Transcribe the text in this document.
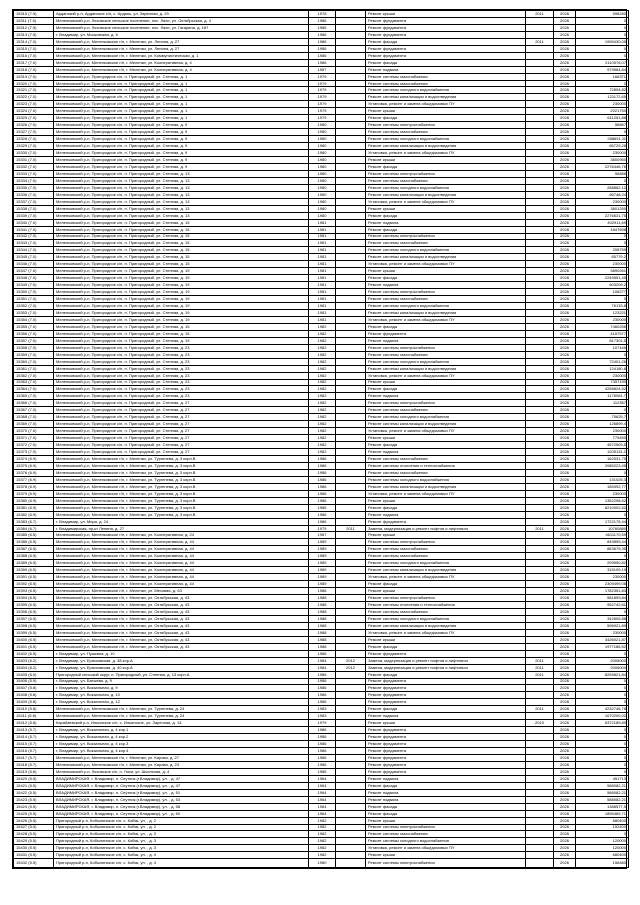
15310 (7.5)	Арданский р-н, Арданское с/п, с. Ардань, ул. Заречная, д. 29	1976		Ремонт крыши	2011	2026	598280
15311 (7.5)	Меленковский р-н, Ляховское сельское поселение, пос. Ляхи, ул. Октябрьская, д. 4	1986		Ремонт фундамента		2026	0
15312 (7.5)	Меленковский р-н, Ляховское сельское поселение, пос. Ляхи, ул. Гагарина, д. 187	1986		Ремонт фундамента		2026	0
15313 (7.5)	г. Владимир, ул. Московская, д. 6	1986		Ремонт фундамента		2026	0
15314 (7.0)	Меленковский р-н, Меленковское г/п, г. Меленки, ул. Ленина, д. 27	1986		Ремонт фасада	2011	2026	1995430,05
15315 (7.0)	Меленковский р-н, Меленковское г/п, г. Меленки, ул. Ленина, д. 27	1986		Ремонт фундамента		2026	0
15316 (7.0)	Меленковский р-н, Меленковское г/п, г. Меленки, ул. Коммунистическая, д. 1	1986		Ремонт фундамента		2026	0
15317 (7.0)	Меленковский р-н, Меленковское г/п, г. Меленки, ул. Кооперативная, д. 4	1986		Ремонт фасада		2026	2110576,07
15318 (7.0)	Меленковский р-н, Меленковское г/п, г. Меленки, ул. Кооперативная, д. 4	1987		Ремонт подвала		2026	979584,84
15319 (7.0)	Меленковский р-н, Пригородное с/п, п. Пригородный, ул. Степная, д. 1	1979		Ремонт системы газоснабжения		2026	166371
15320 (7.0)	Меленковский р-н, Пригородное с/п, п. Пригородный, ул. Степная, д. 1	1979		Ремонт системы газоснабжения		2026	0
15321 (7.0)	Меленковский р-н, Пригородное с/п, п. Пригородный, ул. Степная, д. 1	1979		Ремонт системы холодного водоснабжения		2026	72804,82
15322 (7.0)	Меленковский р-н, Пригородное с/п, п. Пригородный, ул. Степная, д. 1	1979		Ремонт системы канализации и водоотведения		2026	121172,65
15323 (7.0)	Меленковский р-н, Пригородное с/п, п. Пригородный, ул. Степная, д. 1	1979		Установка, ремонт и замена общедомовых ПУ		2026	230000
15324 (7.0)	Меленковский р-н, Пригородное с/п, п. Пригородный, ул. Степная, д. 1	1979		Ремонт крыши		2026	2021750
15325 (7.0)	Меленковский р-н, Пригородное с/п, п. Пригородный, ул. Степная, д. 1	1979		Ремонт фасада		2026	611251,88
15326 (7.0)	Меленковский р-н, Пригородное с/п, п. Пригородный, ул. Степная, д. 9	1980		Ремонт системы электроснабжения		2026	56867
15327 (7.0)	Меленковский р-н, Пригородное с/п, п. Пригородный, ул. Степная, д. 9	1980		Ремонт системы газоснабжения		2026	0
15328 (7.0)	Меленковский р-н, Пригородное с/п, п. Пригородный, ул. Степная, д. 9	1980		Ремонт системы холодного водоснабжения		2026	288691,11
15329 (7.0)	Меленковский р-н, Пригородное с/п, п. Пригородный, ул. Степная, д. 9	1980		Ремонт системы канализации и водоотведения		2026	65729,28
15330 (7.0)	Меленковский р-н, Пригородное с/п, п. Пригородный, ул. Степная, д. 9	1980		Установка, ремонт и замена общедомовых ПУ		2026	230000
15331 (7.0)	Меленковский р-н, Пригородное с/п, п. Пригородный, ул. Степная, д. 9	1980		Ремонт крыши		2026	3800950
15332 (7.0)	Меленковский р-н, Пригородное с/п, п. Пригородный, ул. Степная, д. 9	1980		Ремонт фасада		2026	2276446,76
15333 (7.0)	Меленковский р-н, Пригородное с/п, п. Пригородный, ул. Степная, д. 13	1980		Ремонт системы электроснабжения		2026	56886
15334 (7.0)	Меленковский р-н, Пригородное с/п, п. Пригородный, ул. Степная, д. 13	1980		Ремонт системы газоснабжения		2026	0
15335 (7.0)	Меленковский р-н, Пригородное с/п, п. Пригородный, ул. Степная, д. 13	1980		Ремонт системы холодного водоснабжения		2026	288862,12
15336 (7.0)	Меленковский р-н, Пригородное с/п, п. Пригородный, ул. Степная, д. 13	1980		Ремонт системы канализации и водоотведения		2026	65748,24
15337 (7.0)	Меленковский р-н, Пригородное с/п, п. Пригородный, ул. Степная, д. 13	1980		Установка, ремонт и замена общедомовых ПУ		2026	230000
15338 (7.0)	Меленковский р-н, Пригородное с/п, п. Пригородный, ул. Степная, д. 13	1980		Ремонт крыши		2026	3801250
15339 (7.0)	Меленковский р-н, Пригородное с/п, п. Пригородный, ул. Степная, д. 13	1980		Ремонт фасада		2026	2276631,75
15340 (7.0)	Меленковский р-н, Пригородное с/п, п. Пригородный, ул. Степная, д. 15	1981		Ремонт подвала		2026	402911,69
15341 (7.0)	Меленковский р-н, Пригородное с/п, п. Пригородный, ул. Степная, д. 15	1981		Ремонт фасада		2026	1847698
15342 (7.0)	Меленковский р-н, Пригородное с/п, п. Пригородный, ул. Степная, д. 15	1981		Ремонт системы электроснабжения		2026	0
15343 (7.0)	Меленковский р-н, Пригородное с/п, п. Пригородный, ул. Степная, д. 15	1981		Ремонт системы газоснабжения		2026	0
15344 (7.0)	Меленковский р-н, Пригородное с/п, п. Пригородный, ул. Степная, д. 15	1981		Ремонт системы холодного водоснабжения		2026	208759
15345 (7.0)	Меленковский р-н, Пригородное с/п, п. Пригородный, ул. Степная, д. 15	1981		Ремонт системы канализации и водоотведения		2026	65779,2
15346 (7.0)	Меленковский р-н, Пригородное с/п, п. Пригородный, ул. Степная, д. 15	1981		Установка, ремонт и замена общедомовых ПУ		2026	230000
15347 (7.0)	Меленковский р-н, Пригородное с/п, п. Пригородный, ул. Степная, д. 19	1981		Ремонт крыши		2026	3890261
15348 (7.0)	Меленковский р-н, Пригородное с/п, п. Пригородный, ул. Степная, д. 19	1981		Ремонт фасада		2026	2249551,45
15349 (7.0)	Меленковский р-н, Пригородное с/п, п. Пригородный, ул. Степная, д. 19	1981		Ремонт подвала		2026	603209,2
15350 (7.0)	Меленковский р-н, Пригородное с/п, п. Пригородный, ул. Степная, д. 19	1981		Ремонт системы электроснабжения		2026	108277
15351 (7.0)	Меленковский р-н, Пригородное с/п, п. Пригородный, ул. Степная, д. 19	1981		Ремонт системы газоснабжения		2026	0
15352 (7.0)	Меленковский р-н, Пригородное с/п, п. Пригородный, ул. Степная, д. 19	1981		Ремонт системы холодного водоснабжения		2026	76133,8
15353 (7.0)	Меленковский р-н, Пригородное с/п, п. Пригородный, ул. Степная, д. 19	1981		Ремонт системы канализации и водоотведения		2026	123221
15354 (7.0)	Меленковский р-н, Пригородное с/п, п. Пригородный, ул. Степная, д. 19	1981		Установка, ремонт и замена общедомовых ПУ		2026	230000
15355 (7.0)	Меленковский р-н, Пригородное с/п, п. Пригородный, ул. Степная, д. 15	1982		Ремонт фасада		2026	7460256
15356 (7.0)	Меленковский р-н, Пригородное с/п, п. Пригородный, ул. Степная, д. 15	1982		Ремонт фундамента		2026	4157577
15357 (7.0)	Меленковский р-н, Пригородное с/п, п. Пригородный, ул. Степная, д. 19	1982		Ремонт подвала		2026	817301,5
15358 (7.0)	Меленковский р-н, Пригородное с/п, п. Пригородный, ул. Степная, д. 23	1982		Ремонт системы электроснабжения		2026	107445
15359 (7.0)	Меленковский р-н, Пригородное с/п, п. Пригородный, ул. Степная, д. 23	1982		Ремонт системы газоснабжения		2026	0
15360 (7.0)	Меленковский р-н, Пригородное с/п, п. Пригородный, ул. Степная, д. 23	1982		Ремонт системы холодного водоснабжения		2026	72401,26
15361 (7.0)	Меленковский р-н, Пригородное с/п, п. Пригородный, ул. Степная, д. 23	1982		Ремонт системы канализации и водоотведения		2026	124180,8
15362 (7.0)	Меленковский р-н, Пригородное с/п, п. Пригородный, ул. Степная, д. 23	1982		Установка, ремонт и замена общедомовых ПУ		2026	230000
15363 (7.0)	Меленковский р-н, Пригородное с/п, п. Пригородный, ул. Степная, д. 23	1982		Ремонт крыши		2026	7357190
15364 (7.0)	Меленковский р-н, Пригородное с/п, п. Пригородный, ул. Степная, д. 23	1982		Ремонт фасада		2026	4258824,52
15365 (7.0)	Меленковский р-н, Пригородное с/п, п. Пригородный, ул. Степная, д. 23	1982		Ремонт подвала		2026	1178081,7
15366 (7.0)	Меленковский р-н, Пригородное с/п, п. Пригородный, ул. Степная, д. 27	1982		Ремонт системы электроснабжения		2026	112357
15367 (7.0)	Меленковский р-н, Пригородное с/п, п. Пригородный, ул. Степная, д. 27	1982		Ремонт системы газоснабжения		2026	0
15368 (7.0)	Меленковский р-н, Пригородное с/п, п. Пригородный, ул. Степная, д. 27	1982		Ремонт системы холодного водоснабжения		2026	75625,7
15369 (7.0)	Меленковский р-н, Пригородное с/п, п. Пригородный, ул. Степная, д. 27	1982		Ремонт системы канализации и водоотведения		2026	126899,4
15370 (7.0)	Меленковский р-н, Пригородное с/п, п. Пригородный, ул. Степная, д. 27	1982		Установка, ремонт и замена общедомовых ПУ		2026	230000
15371 (7.0)	Меленковский р-н, Пригородное с/п, п. Пригородный, ул. Степная, д. 27	1982		Ремонт крыши		2026	775450
15372 (7.0)	Меленковский р-н, Пригородное с/п, п. Пригородный, ул. Степная, д. 27	1982		Ремонт фасада		2026	4572503,5
15373 (7.0)	Меленковский р-н, Пригородное с/п, п. Пригородный, ул. Степная, д. 27	1982		Ремонт подвала		2026	1205131,1
15374 (6.9)	Меленковский р-н, Меленковское г/п, г. Меленки, ул. Тургенева, д. 3 корп.В	1986		Ремонт системы газоснабжения		2026	162531,75
15375 (6.9)	Меленковский р-н, Меленковское г/п, г. Меленки, ул. Тургенева, д. 3 корп.В	1986		Ремонт системы отопления и теплоснабжения		2026	2085223,45
15376 (6.9)	Меленковский р-н, Меленковское г/п, г. Меленки, ул. Тургенева, д. 3 корп.В	1986		Ремонт системы газоснабжения		2026	0
15377 (6.9)	Меленковский р-н, Меленковское г/п, г. Меленки, ул. Тургенева, д. 3 корп.В	1986		Ремонт системы холодного водоснабжения		2026	131025,3
15378 (6.9)	Меленковский р-н, Меленковское г/п, г. Меленки, ул. Тургенева, д. 3 корп.В	1986		Ремонт системы канализации и водоотведения		2026	185392,77
15379 (6.9)	Меленковский р-н, Меленковское г/п, г. Меленки, ул. Тургенева, д. 3 корп.В	1986		Установка, ремонт и замена общедомовых ПУ		2026	230000
15380 (6.9)	Меленковский р-н, Меленковское г/п, г. Меленки, ул. Тургенева, д. 3 корп.В	1986		Ремонт крыши		2026	1352298,52
15381 (6.9)	Меленковский р-н, Меленковское г/п, г. Меленки, ул. Тургенева, д. 3 корп.В	1986		Ремонт фасада		2026	6210002,52
15382 (6.9)	Меленковский р-н, Меленковское г/п, г. Меленки, ул. Тургенева, д. 3 корп.В	1986		Ремонт подвала		2026	0
15383 (6.7)	г. Владимир, ул. Мира, д. 24	1986		Ремонт фундамента		2026	1722175,44
15384 (6.7)	г. Владимирская, пр-кт Ленина, д. 27	1975	2011	Замена, модернизация и ремонт лифтов и лифтового	2011	2026	10760880
15385 (6.5)	Меленковский р-н, Меленковское г/п, г. Меленки, ул. Кооперативная, д. 24	1987		Ремонт крыши		2026	4611170,59
15386 (6.5)	Меленковский р-н, Меленковское г/п, г. Меленки, ул. Кооперативная, д. 44	1989		Ремонт системы электроснабжения		2026	849899,44
15387 (6.5)	Меленковский р-н, Меленковское г/п, г. Меленки, ул. Кооперативная, д. 44	1989		Ремонт системы газоснабжения		2026	863679,35
15388 (6.5)	Меленковский р-н, Меленковское г/п, г. Меленки, ул. Кооперативная, д. 44	1989		Ремонт системы газоснабжения		2026	0
15389 (6.5)	Меленковский р-н, Меленковское г/п, г. Меленки, ул. Кооперативная, д. 44	1989		Ремонт системы холодного водоснабжения		2026	209550,82
15390 (6.5)	Меленковский р-н, Меленковское г/п, г. Меленки, ул. Кооперативная, д. 44	1989		Ремонт системы канализации и водоотведения		2026	315109,19
15391 (6.5)	Меленковский р-н, Меленковское г/п, г. Меленки, ул. Кооперативная, д. 44	1989		Установка, ремонт и замена общедомовых ПУ		2026	230000
15392 (6.5)	Меленковский р-н, Меленковское г/п, г. Меленки, ул. Кооперативная, д. 44	1989		Ремонт фасада		2026	2309499,08
15393 (6.5)	Меленковский р-н, Меленковское г/п, г. Меленки, ул. Меховая, д. 63	1986		Ремонт крыши		2026	1782351,83
15394 (6.5)	Меленковский р-н, Меленковское г/п, г. Меленки, ул. Октябрьская, д. 43	1988		Ремонт системы электроснабжения		2026	581899,84
15395 (6.5)	Меленковский р-н, Меленковское г/п, г. Меленки, ул. Октябрьская, д. 43	1988		Ремонт системы отопления и теплоснабжения		2026	952742,61
15396 (6.5)	Меленковский р-н, Меленковское г/п, г. Меленки, ул. Октябрьская, д. 43	1988		Ремонт системы газоснабжения		2026	0
15397 (6.5)	Меленковский р-н, Меленковское г/п, г. Меленки, ул. Октябрьская, д. 43	1988		Ремонт системы холодного водоснабжения		2026	342605,88
15398 (6.5)	Меленковский р-н, Меленковское г/п, г. Меленки, ул. Октябрьская, д. 43	1988		Ремонт системы канализации и водоотведения		2026	596921,89
15399 (6.5)	Меленковский р-н, Меленковское г/п, г. Меленки, ул. Октябрьская, д. 43	1988		Установка, ремонт и замена общедомовых ПУ		2026	230000
15400 (6.5)	Меленковский р-н, Меленковское г/п, г. Меленки, ул. Октябрьская, д. 43	1988		Ремонт крыши		2026	3426021,87
15401 (6.5)	Меленковский р-н, Меленковское г/п, г. Меленки, ул. Октябрьская, д. 43	1988		Ремонт фасада		2026	1977186,52
15402 (6.5)	г. Владимир, ул. Пушкина, д. 10	1986		Ремонт фундамента		2026	0
15403 (6.2)	г. Владимир, ул. Ерисковская, д. 38 кор.А	1984	2012	Замена, модернизация и ремонт лифтов и лифтового	2011	2026	2006000
15404 (6.2)	г. Владимир, ул. Ерисковская, д. 40 кор.А	1984	2012	Замена, модернизация и ремонт лифтов и лифтового	2011	2026	2006000
15405 (6.0)	Пригородный сельский округ, п. Пригородный, ул. Степная, д. 13 корп.А	1986		Ремонт фасада	2011	2026	8259821,84
15406 (5.9)	г. Владимир, ул. Батыева, д. 9	1986		Ремонт фундамента		2026	0
15407 (5.8)	г. Владимир, ул. Вокзальная, д. 9	1986		Ремонт фундамента		2026	0
15408 (5.8)	г. Владимир, ул. Вокзальная, д. 10	1986		Ремонт фундамента		2026	0
15409 (5.8)	г. Владимир, ул. Вокзальная, д. 12	1986		Ремонт фундамента		2026	0
15410 (5.8)	Меленковский р-н, Меленковское г/п, г. Меленки, ул. Тургенева, д. 24	1983		Ремонт фасада	2011	2026	4232746,78
15411 (5.8)	Меленковский р-н, Меленковское г/п, г. Меленки, ул. Тургенева, д. 24	1983		Ремонт подвала		2026	1670200,02
15412 (5.8)	Карабаевский р-н, Ильинское с/п, с. Ильинское, ул. Заречная, д. 13	1979		Ремонт крыши	2010	2026	6372189,89
15413 (5.7)	г. Владимир, ул. Вокзальная, д. 4 кор.1	1986		Ремонт фундамента		2026	0
15414 (5.7)	г. Владимир, ул. Вокзальная, д. 4 кор.2	1986		Ремонт фундамента		2026	0
15415 (5.7)	г. Владимир, ул. Вокзальная, д. 4 кор.3	1986		Ремонт фундамента		2026	0
15416 (5.7)	г. Владимир, ул. Вокзальная, д. 4 кор.4	1986		Ремонт фундамента		2026	0
15417 (5.7)	Меленковский р-н, Меленковское г/п, г. Меленки, ул. Кирова, д. 27	1986		Ремонт фундамента		2026	0
15418 (5.7)	Меленковский р-н, Меленковское г/п, г. Меленки, ул. Кирова, д. 23	1986		Ремонт фундамента		2026	0
15419 (5.6)	Меленковский р-н, Ляховское с/п, п. Ляхи, ул. Школьная, д. 4	1986		Ремонт фундамента		2026	0
15420 (5.5)	ВЛАДИМИРСКАЯ, г. Владимир, п. Спутник (г.Владимир), ул. , д. 47	1964		Ремонт подвала		2026	451713
15421 (5.5)	ВЛАДИМИРСКАЯ, г. Владимир, п. Спутник (г.Владимир), ул. , д. 47	1964		Ремонт фасада		2026	588082,21
15422 (5.5)	ВЛАДИМИРСКАЯ, г. Владимир, п. Спутник (г.Владимир), ул. , д. 51	1964		Ремонт подвала		2026	588082,21
15423 (5.5)	ВЛАДИМИРСКАЯ, г. Владимир, п. Спутник (г.Владимир), ул. , д. 53	1964		Ремонт подвала		2026	588082,21
15424 (5.5)	ВЛАДИМИРСКАЯ, г. Владимир, п. Спутник (г.Владимир), ул. , д. 58	1964		Ремонт фасада		2026	1388577,5
15425 (5.5)	ВЛАДИМИРСКАЯ, г. Владимир, п. Спутник (г.Владимир), ул. , д. 60	1964		Ремонт фасада		2026	1895469,71
15426 (5.5)	Пригородный р-н, Кобылинское с/п, с. Кобяк, ул. , д. 2	1982		Ремонт крыши		2026	680400
15427 (5.5)	Пригородный р-н, Кобылинское с/п, с. Кобяк, ул. , д. 2	1982		Ремонт системы электроснабжения		2026	152400
15428 (5.5)	Пригородный р-н, Кобылинское с/п, с. Кобяк, ул. , д. 3	1982		Ремонт системы газоснабжения		2026	0
15429 (5.5)	Пригородный р-н, Кобылинское с/п, с. Кобяк, ул. , д. 3	1982		Ремонт системы холодного водоснабжения		2026	120000
15430 (5.5)	Пригородный р-н, Кобылинское с/п, с. Кобяк, ул. , д. 3	1982		Установка, ремонт и замена общедомовых ПУ		2026	120000
15431 (5.5)	Пригородный р-н, Кобылинское с/п, с. Кобяк, ул. , д. 4	1982		Ремонт крыши		2026	680400
15432 (5.5)	Пригородный р-н, Кобылинское с/п, с. Кобяк, ул. , д. 4	1980		Ремонт системы электроснабжения		2026	158480
